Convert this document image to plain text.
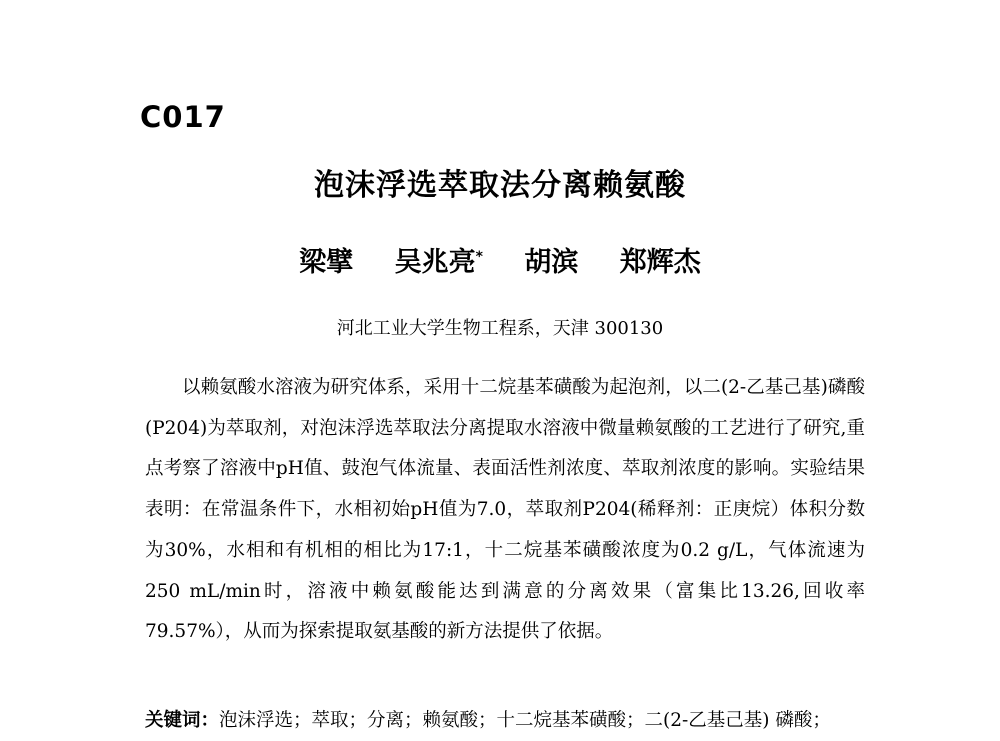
C017
泡沫浮选萃取法分离赖氨酸
梁擘 吴兆亮* 胡滨 郑辉杰
河北工业大学生物工程系，天津 300130

以赖氨酸水溶液为研究体系，采用十二烷基苯磺酸为起泡剂，以二(2-乙基己基)磷酸(P204)为萃取剂，对泡沫浮选萃取法分离提取水溶液中微量赖氨酸的工艺进行了研究,重点考察了溶液中pH值、鼓泡气体流量、表面活性剂浓度、萃取剂浓度的影响。实验结果表明：在常温条件下，水相初始pH值为7.0，萃取剂P204(稀释剂：正庚烷）体积分数为30%，水相和有机相的相比为17:1，十二烷基苯磺酸浓度为0.2 g/L，气体流速为250 mL/min时，溶液中赖氨酸能达到满意的分离效果（富集比13.26,回收率79.57%），从而为探索提取氨基酸的新方法提供了依据。

关键词：泡沫浮选；萃取；分离；赖氨酸；十二烷基苯磺酸；二(2-乙基己基) 磷酸；
